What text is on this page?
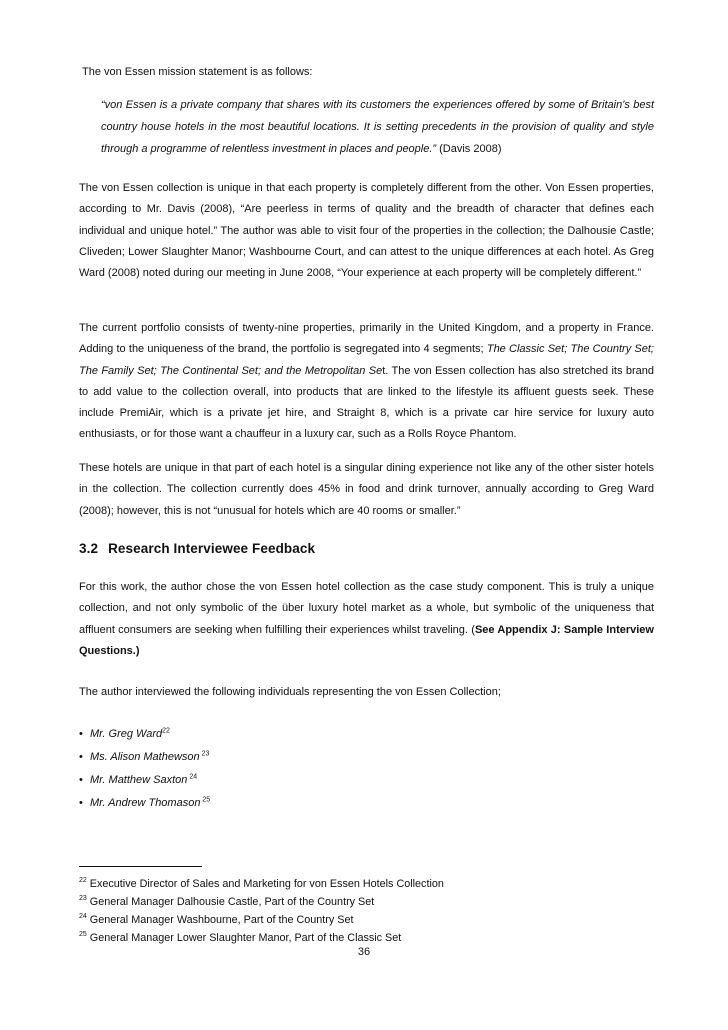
The von Essen mission statement is as follows:

“von Essen is a private company that shares with its customers the experiences offered by some of Britain's best country house hotels in the most beautiful locations. It is setting precedents in the provision of quality and style through a programme of relentless investment in places and people.” (Davis 2008)

The von Essen collection is unique in that each property is completely different from the other. Von Essen properties, according to Mr. Davis (2008), “Are peerless in terms of quality and the breadth of character that defines each individual and unique hotel.” The author was able to visit four of the properties in the collection; the Dalhousie Castle; Cliveden; Lower Slaughter Manor; Washbourne Court, and can attest to the unique differences at each hotel. As Greg Ward (2008) noted during our meeting in June 2008, “Your experience at each property will be completely different.”

The current portfolio consists of twenty-nine properties, primarily in the United Kingdom, and a property in France. Adding to the uniqueness of the brand, the portfolio is segregated into 4 segments; The Classic Set; The Country Set; The Family Set; The Continental Set; and the Metropolitan Set. The von Essen collection has also stretched its brand to add value to the collection overall, into products that are linked to the lifestyle its affluent guests seek. These include PremiAir, which is a private jet hire, and Straight 8, which is a private car hire service for luxury auto enthusiasts, or for those want a chauffeur in a luxury car, such as a Rolls Royce Phantom.

These hotels are unique in that part of each hotel is a singular dining experience not like any of the other sister hotels in the collection. The collection currently does 45% in food and drink turnover, annually according to Greg Ward (2008); however, this is not “unusual for hotels which are 40 rooms or smaller.”

3.2 Research Interviewee Feedback

For this work, the author chose the von Essen hotel collection as the case study component. This is truly a unique collection, and not only symbolic of the über luxury hotel market as a whole, but symbolic of the uniqueness that affluent consumers are seeking when fulfilling their experiences whilst traveling. (See Appendix J: Sample Interview Questions.)

The author interviewed the following individuals representing the von Essen Collection;

• Mr. Greg Ward$^{22}$
• Ms. Alison Mathewson $^{23}$
• Mr. Matthew Saxton $^{24}$
• Mr. Andrew Thomason $^{25}$

$^{22}$ Executive Director of Sales and Marketing for von Essen Hotels Collection

$^{23}$ General Manager Dalhousie Castle, Part of the Country Set

$^{24}$ General Manager Washbourne, Part of the Country Set

$^{25}$ General Manager Lower Slaughter Manor, Part of the Classic Set

36
